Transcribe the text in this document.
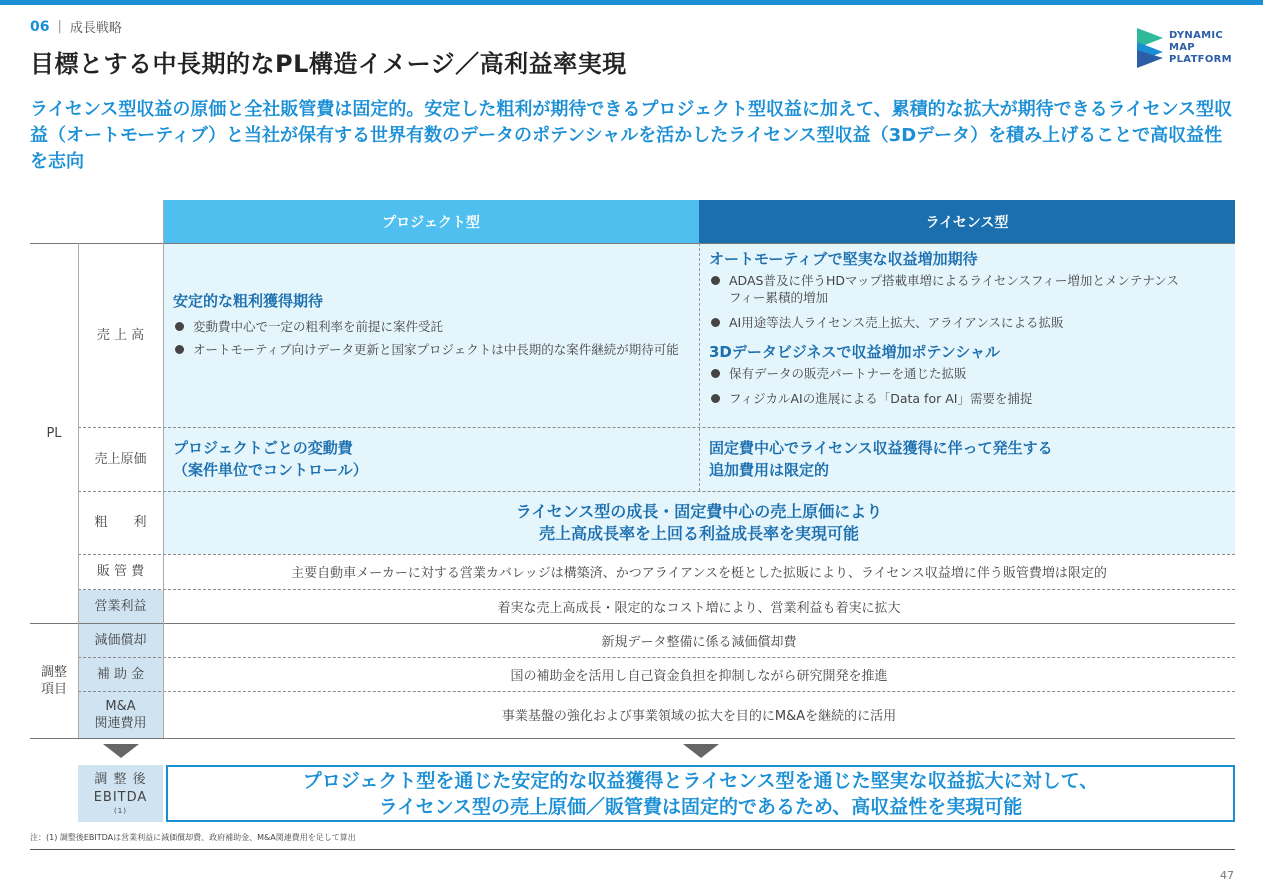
06 | 成長戦略
目標とする中長期的なPL構造イメージ／高利益率実現
DYNAMIC
MAP
PLATFORM
ライセンス型収益の原価と全社販管費は固定的。安定した粗利が期待できるプロジェクト型収益に加えて、累積的な拡大が期待できるライセンス型収益（オートモーティブ）と当社が保有する世界有数のデータのポテンシャルを活かしたライセンス型収益（3Dデータ）を積み上げることで高収益性を志向
プロジェクト型	ライセンス型
PL
調整
項目
売 上 高
売上原価
粗　　利
販 管 費
営業利益
減価償却
補 助 金
M&A
関連費用
安定的な粗利獲得期待
変動費中心で一定の粗利率を前提に案件受託
オートモーティブ向けデータ更新と国家プロジェクトは中長期的な案件継続が期待可能
オートモーティブで堅実な収益増加期待
ADAS普及に伴うHDマップ搭載車増によるライセンスフィー増加とメンテナンスフィー累積的増加
AI用途等法人ライセンス売上拡大、アライアンスによる拡販
3Dデータビジネスで収益増加ポテンシャル
保有データの販売パートナーを通じた拡販
フィジカルAIの進展による「Data for AI」需要を捕捉
プロジェクトごとの変動費
（案件単位でコントロール）
固定費中心でライセンス収益獲得に伴って発生する
追加費用は限定的
ライセンス型の成長・固定費中心の売上原価により
売上高成長率を上回る利益成長率を実現可能
主要自動車メーカーに対する営業カバレッジは構築済、かつアライアンスを梃とした拡販により、ライセンス収益増に伴う販管費増は限定的
着実な売上高成長・限定的なコスト増により、営業利益も着実に拡大
新規データ整備に係る減価償却費
国の補助金を活用し自己資金負担を抑制しながら研究開発を推進
事業基盤の強化および事業領域の拡大を目的にM&Aを継続的に活用
調 整 後
EBITDA
(1)
プロジェクト型を通じた安定的な収益獲得とライセンス型を通じた堅実な収益拡大に対して、
ライセンス型の売上原価／販管費は固定的であるため、高収益性を実現可能
注：(1) 調整後EBITDAは営業利益に減価償却費、政府補助金、M&A関連費用を足して算出
47
